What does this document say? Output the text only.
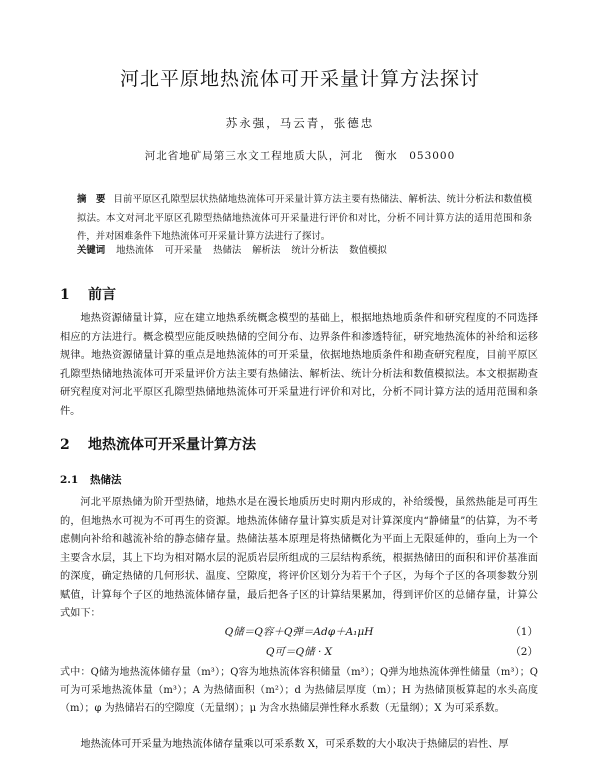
河北平原地热流体可开采量计算方法探讨
苏永强，马云青，张德忠
河北省地矿局第三水文工程地质大队，河北　衡水　053000
摘　要 目前平原区孔隙型层状热储地热流体可开采量计算方法主要有热储法、解析法、统计分析法和数值模拟法。本文对河北平原区孔隙型热储地热流体可开采量进行评价和对比，分析不同计算方法的适用范围和条件，并对困难条件下地热流体可开采量计算方法进行了探讨。
关键词 地热流体 可开采量 热储法 解析法 统计分析法 数值模拟
1 前言
地热资源储量计算，应在建立地热系统概念模型的基础上，根据地热地质条件和研究程度的不同选择相应的方法进行。概念模型应能反映热储的空间分布、边界条件和渗透特征，研究地热流体的补给和运移规律。地热资源储量计算的重点是地热流体的可开采量，依据地热地质条件和勘查研究程度，目前平原区孔隙型热储地热流体可开采量评价方法主要有热储法、解析法、统计分析法和数值模拟法。本文根据勘查研究程度对河北平原区孔隙型热储地热流体可开采量进行评价和对比，分析不同计算方法的适用范围和条件。
2 地热流体可开采量计算方法
2.1 热储法
河北平原热储为阶开型热储，地热水是在漫长地质历史时期内形成的，补给缓慢，虽然热能是可再生的，但地热水可视为不可再生的资源。地热流体储存量计算实质是对计算深度内“静储量”的估算，为不考虑侧向补给和越流补给的静态储存量。热储法基本原理是将热储概化为平面上无限延伸的，垂向上为一个主要含水层，其上下均为相对隔水层的泥质岩层所组成的三层结构系统，根据热储田的面积和评价基准面的深度，确定热储的几何形状、温度、空隙度，将评价区划分为若干个子区，为每个子区的各项参数分别赋值，计算每个子区的地热流体储存量，最后把各子区的计算结果累加，得到评价区的总储存量，计算公式如下：
Q储＝Q容＋Q弹＝Adφ＋A₁μH	（1）
Q可＝Q储 · X	（2）
式中：Q储为地热流体储存量（m³）；Q容为地热流体容积储量（m³）；Q弹为地热流体弹性储量（m³）；Q可为可采地热流体量（m³）；A 为热储面积（m²）；d 为热储层厚度（m）；H 为热储顶板算起的水头高度（m）；φ 为热储岩石的空隙度（无量纲）；μ 为含水热储层弹性释水系数（无量纲）；X 为可采系数。
地热流体可开采量为地热流体储存量乘以可采系数 X，可采系数的大小取决于热储层的岩性、厚
